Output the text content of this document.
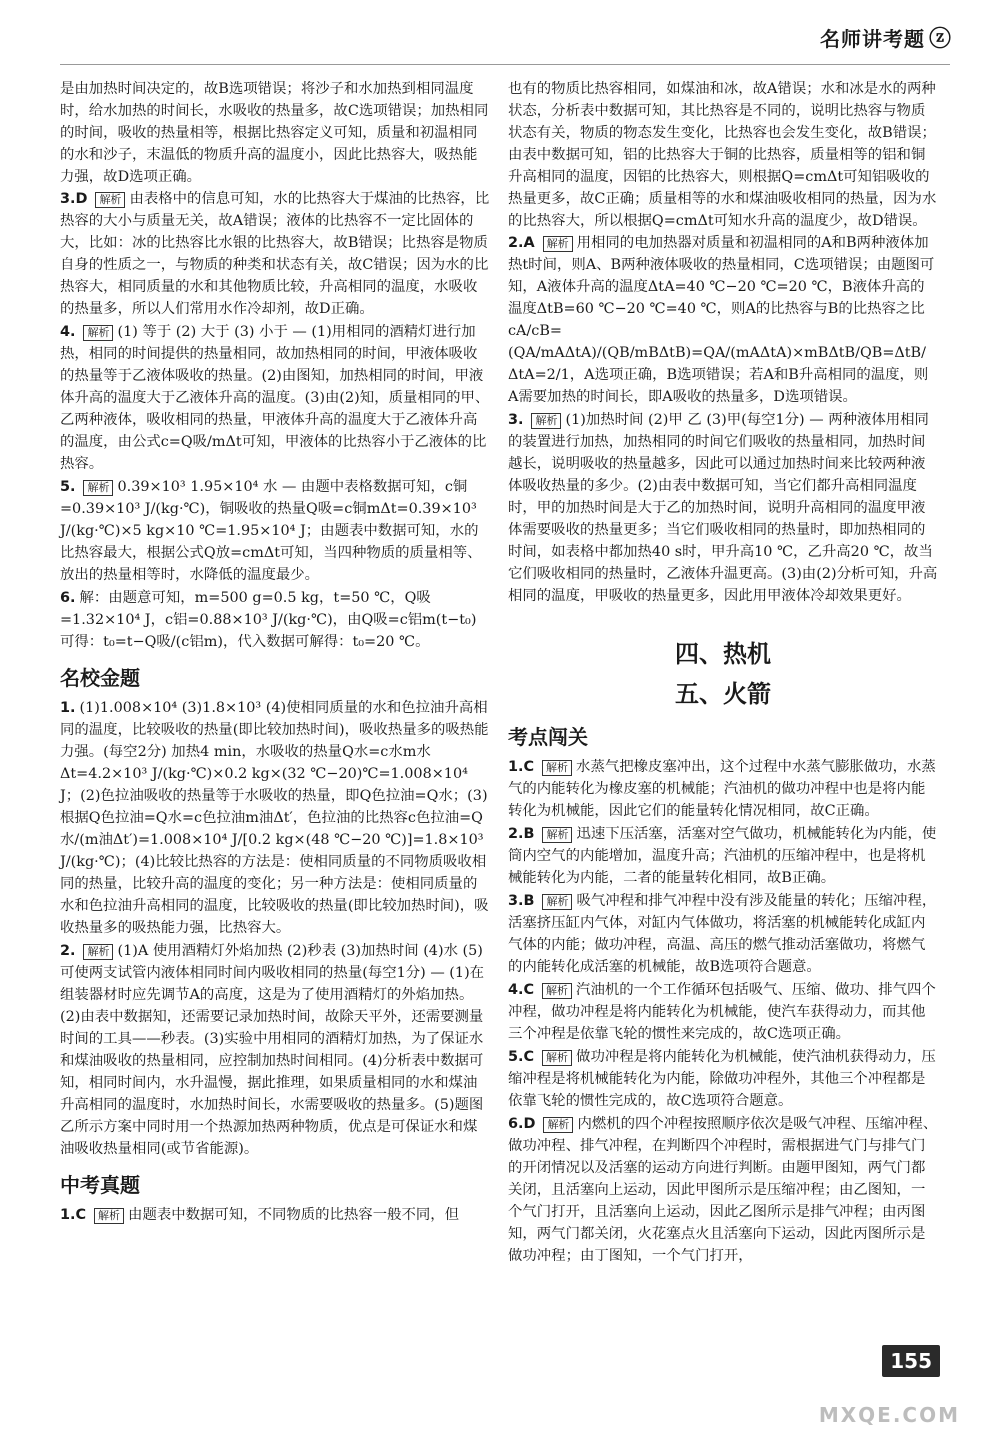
名师讲考题 ⓩ

是由加热时间决定的，故B选项错误；将沙子和水加热到相同温度时，给水加热的时间长，水吸收的热量多，故C选项错误；加热相同的时间，吸收的热量相等，根据比热容定义可知，质量和初温相同的水和沙子，末温低的物质升高的温度小，因此比热容大，吸热能力强，故D选项正确。

3.D 解析 由表格中的信息可知，水的比热容大于煤油的比热容，比热容的大小与质量无关，故A错误；液体的比热容不一定比固体的大，比如：冰的比热容比水银的比热容大，故B错误；比热容是物质自身的性质之一，与物质的种类和状态有关，故C错误；因为水的比热容大，相同质量的水和其他物质比较，升高相同的温度，水吸收的热量多，所以人们常用水作冷却剂，故D正确。
4. 解析 (1) 等于 (2) 大于 (3) 小于 — (1)用相同的酒精灯进行加热，相同的时间提供的热量相同，故加热相同的时间，甲液体吸收的热量等于乙液体吸收的热量。(2)由图知，加热相同的时间，甲液体升高的温度大于乙液体升高的温度。(3)由(2)知，质量相同的甲、乙两种液体，吸收相同的热量，甲液体升高的温度大于乙液体升高的温度，由公式c=Q吸/mΔt可知，甲液体的比热容小于乙液体的比热容。
5. 解析 0.39×10³ 1.95×10⁴ 水 — 由题中表格数据可知，c铜=0.39×10³ J/(kg·℃)，铜吸收的热量Q吸=c铜mΔt=0.39×10³ J/(kg·℃)×5 kg×10 ℃=1.95×10⁴ J；由题表中数据可知，水的比热容最大，根据公式Q放=cmΔt可知，当四种物质的质量相等、放出的热量相等时，水降低的温度最少。
6. 解：由题意可知，m=500 g=0.5 kg，t=50 ℃，Q吸=1.32×10⁴ J，c铝=0.88×10³ J/(kg·℃)，由Q吸=c铝m(t−t₀)可得：t₀=t−Q吸/(c铝m)，代入数据可解得：t₀=20 ℃。
名校金题
1. (1)1.008×10⁴ (3)1.8×10³ (4)使相同质量的水和色拉油升高相同的温度，比较吸收的热量(即比较加热时间)，吸收热量多的吸热能力强。(每空2分) 加热4 min，水吸收的热量Q水=c水m水Δt=4.2×10³ J/(kg·℃)×0.2 kg×(32 ℃−20)℃=1.008×10⁴ J；(2)色拉油吸收的热量等于水吸收的热量，即Q色拉油=Q水；(3)根据Q色拉油=Q水=c色拉油m油Δt′，色拉油的比热容c色拉油=Q水/(m油Δt′)=1.008×10⁴ J/[0.2 kg×(48 ℃−20 ℃)]=1.8×10³ J/(kg·℃)；(4)比较比热容的方法是：使相同质量的不同物质吸收相同的热量，比较升高的温度的变化；另一种方法是：使相同质量的水和色拉油升高相同的温度，比较吸收的热量(即比较加热时间)，吸收热量多的吸热能力强，比热容大。
2. 解析 (1)A 使用酒精灯外焰加热 (2)秒表 (3)加热时间 (4)水 (5)可使两支试管内液体相同时间内吸收相同的热量(每空1分) — (1)在组装器材时应先调节A的高度，这是为了使用酒精灯的外焰加热。(2)由表中数据知，还需要记录加热时间，故除天平外，还需要测量时间的工具——秒表。(3)实验中用相同的酒精灯加热，为了保证水和煤油吸收的热量相同，应控制加热时间相同。(4)分析表中数据可知，相同时间内，水升温慢，据此推理，如果质量相同的水和煤油升高相同的温度时，水加热时间长，水需要吸收的热量多。(5)题图乙所示方案中同时用一个热源加热两种物质，优点是可保证水和煤油吸收热量相同(或节省能源)。
中考真题
1.C 解析 由题表中数据可知，不同物质的比热容一般不同，但

也有的物质比热容相同，如煤油和冰，故A错误；水和冰是水的两种状态，分析表中数据可知，其比热容是不同的，说明比热容与物质状态有关，物质的物态发生变化，比热容也会发生变化，故B错误；由表中数据可知，铝的比热容大于铜的比热容，质量相等的铝和铜升高相同的温度，因铝的比热容大，则根据Q=cmΔt可知铝吸收的热量更多，故C正确；质量相等的水和煤油吸收相同的热量，因为水的比热容大，所以根据Q=cmΔt可知水升高的温度少，故D错误。

2.A 解析 用相同的电加热器对质量和初温相同的A和B两种液体加热t时间，则A、B两种液体吸收的热量相同，C选项错误；由题图可知，A液体升高的温度ΔtA=40 ℃−20 ℃=20 ℃，B液体升高的温度ΔtB=60 ℃−20 ℃=40 ℃，则A的比热容与B的比热容之比cA/cB=(QA/mAΔtA)/(QB/mBΔtB)=QA/(mAΔtA)×mBΔtB/QB=ΔtB/ΔtA=2/1，A选项正确，B选项错误；若A和B升高相同的温度，则A需要加热的时间长，即A吸收的热量多，D选项错误。
3. 解析 (1)加热时间 (2)甲 乙 (3)甲(每空1分) — 两种液体用相同的装置进行加热，加热相同的时间它们吸收的热量相同，加热时间越长，说明吸收的热量越多，因此可以通过加热时间来比较两种液体吸收热量的多少。(2)由表中数据可知，当它们都升高相同温度时，甲的加热时间是大于乙的加热时间，说明升高相同的温度甲液体需要吸收的热量更多；当它们吸收相同的热量时，即加热相同的时间，如表格中都加热40 s时，甲升高10 ℃，乙升高20 ℃，故当它们吸收相同的热量时，乙液体升温更高。(3)由(2)分析可知，升高相同的温度，甲吸收的热量更多，因此用甲液体冷却效果更好。
四、热机
五、火箭
考点闯关
1.C 解析 水蒸气把橡皮塞冲出，这个过程中水蒸气膨胀做功，水蒸气的内能转化为橡皮塞的机械能；汽油机的做功冲程中也是将内能转化为机械能，因此它们的能量转化情况相同，故C正确。
2.B 解析 迅速下压活塞，活塞对空气做功，机械能转化为内能，使筒内空气的内能增加，温度升高；汽油机的压缩冲程中，也是将机械能转化为内能，二者的能量转化相同，故B正确。
3.B 解析 吸气冲程和排气冲程中没有涉及能量的转化；压缩冲程，活塞挤压缸内气体，对缸内气体做功，将活塞的机械能转化成缸内气体的内能；做功冲程，高温、高压的燃气推动活塞做功，将燃气的内能转化成活塞的机械能，故B选项符合题意。
4.C 解析 汽油机的一个工作循环包括吸气、压缩、做功、排气四个冲程，做功冲程是将内能转化为机械能，使汽车获得动力，而其他三个冲程是依靠飞轮的惯性来完成的，故C选项正确。
5.C 解析 做功冲程是将内能转化为机械能，使汽油机获得动力，压缩冲程是将机械能转化为内能，除做功冲程外，其他三个冲程都是依靠飞轮的惯性完成的，故C选项符合题意。
6.D 解析 内燃机的四个冲程按照顺序依次是吸气冲程、压缩冲程、做功冲程、排气冲程，在判断四个冲程时，需根据进气门与排气门的开闭情况以及活塞的运动方向进行判断。由题甲图知，两气门都关闭，且活塞向上运动，因此甲图所示是压缩冲程；由乙图知，一个气门打开，且活塞向上运动，因此乙图所示是排气冲程；由丙图知，两气门都关闭，火花塞点火且活塞向下运动，因此丙图所示是做功冲程；由丁图知，一个气门打开，
155
MXQE.COM
